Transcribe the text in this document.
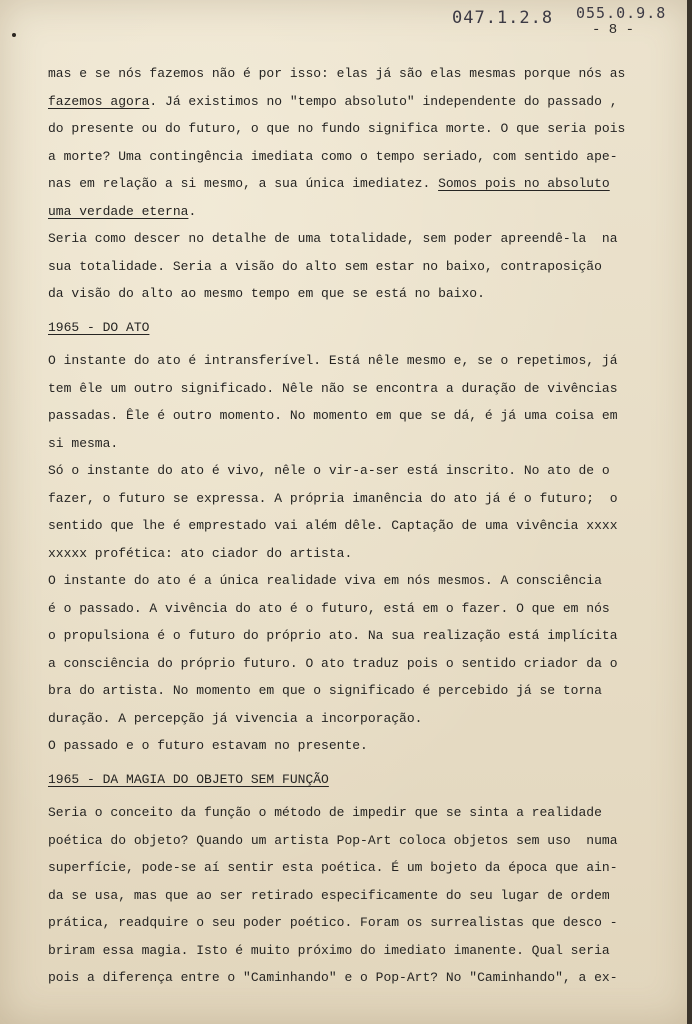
047.1.2.8 055.0.9.8
- 8 -
mas e se nós fazemos não é por isso: elas já são elas mesmas porque nós as
fazemos agora. Já existimos no "tempo absoluto" independente do passado ,
do presente ou do futuro, o que no fundo significa morte. O que seria pois
a morte? Uma contingência imediata como o tempo seriado, com sentido ape-
nas em relação a si mesmo, a sua única imediatez. Somos pois no absoluto
uma verdade eterna.
Seria como descer no detalhe de uma totalidade, sem poder apreendê-la  na
sua totalidade. Seria a visão do alto sem estar no baixo, contraposição
da visão do alto ao mesmo tempo em que se está no baixo.
1965 - DO ATO
O instante do ato é intransferível. Está nêle mesmo e, se o repetimos, já
tem êle um outro significado. Nêle não se encontra a duração de vivências
passadas. Êle é outro momento. No momento em que se dá, é já uma coisa em
si mesma.
Só o instante do ato é vivo, nêle o vir-a-ser está inscrito. No ato de o
fazer, o futuro se expressa. A própria imanência do ato já é o futuro;  o
sentido que lhe é emprestado vai além dêle. Captação de uma vivência xxxx
xxxxx profética: ato ciador do artista.
O instante do ato é a única realidade viva em nós mesmos. A consciência
é o passado. A vivência do ato é o futuro, está em o fazer. O que em nós
o propulsiona é o futuro do próprio ato. Na sua realização está implícita
a consciência do próprio futuro. O ato traduz pois o sentido criador da o
bra do artista. No momento em que o significado é percebido já se torna
duração. A percepção já vivencia a incorporação.
O passado e o futuro estavam no presente.
1965 - DA MAGIA DO OBJETO SEM FUNÇÃO
Seria o conceito da função o método de impedir que se sinta a realidade
poética do objeto? Quando um artista Pop-Art coloca objetos sem uso  numa
superfície, pode-se aí sentir esta poética. É um bojeto da época que ain-
da se usa, mas que ao ser retirado especificamente do seu lugar de ordem
prática, readquire o seu poder poético. Foram os surrealistas que desco -
briram essa magia. Isto é muito próximo do imediato imanente. Qual seria
pois a diferença entre o "Caminhando" e o Pop-Art? No "Caminhando", a ex-
